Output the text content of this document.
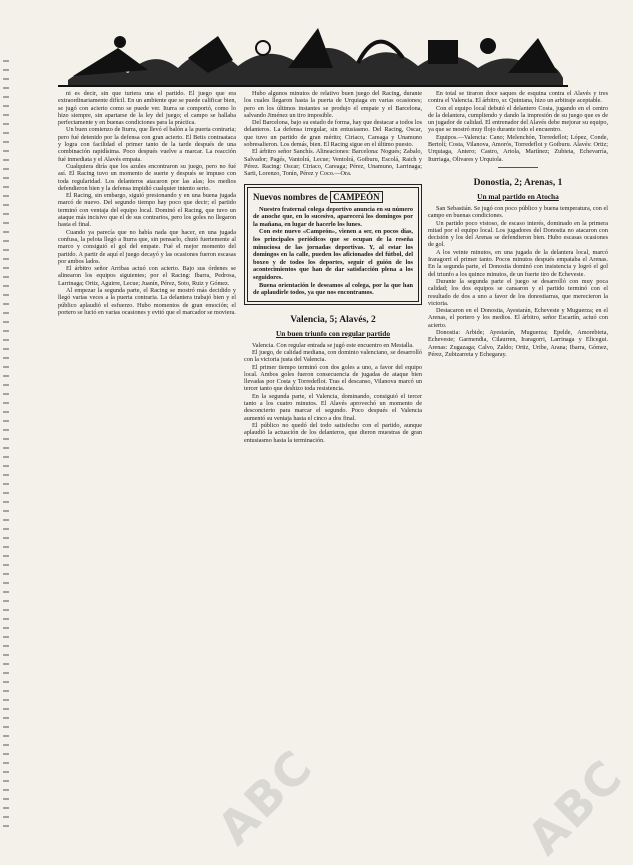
ni es decir, sin que turiera una el partido. El juego que era extraordinariamente difícil. En un ambiente que se puede calificar bien, se jugó con acierto como se puede ver. Iturra se comportó, como lo hizo siempre, sin apartarse de la ley del juego; el campo se hallaba perfectamente y en buenas condiciones para la práctica.

Un buen comienzo de Iturra, que llevó el balón a la puerta contraria; pero fué detenido por la defensa con gran acierto. El Betis contraataca y logra con facilidad el primer tanto de la tarde después de una combinación rapidísima. Poco después vuelve a marcar. La reacción fué inmediata y el Alavés empata.

Cualquiera diría que los azules encontraron su juego, pero no fué así. El Racing tuvo un momento de suerte y después se impuso con toda regularidad. Los delanteros atacaron por las alas; los medios defendieron bien y la defensa impidió cualquier intento serio.

El Racing, sin embargo, siguió presionando y en una buena jugada marcó de nuevo. Del segundo tiempo hay poco que decir; el partido terminó con ventaja del equipo local. Dominó el Racing, que tuvo un ataque más incisivo que el de sus contrarios, pero los goles no llegaron hasta el final.

Cuando ya parecía que no había nada que hacer, en una jugada confusa, la pelota llegó a Iturra que, sin pensarlo, chutó fuertemente al marco y consiguió el gol del empate. Fué el mejor momento del partido. A partir de aquí el juego decayó y las ocasiones fueron escasas por ambos lados.

El árbitro señor Arribas actuó con acierto. Bajo sus órdenes se alinearon los equipos siguientes; por el Racing: Ibarra, Pedrosa, Larrinaga; Ortiz, Aguirre, Lecue; Juanín, Pérez, Soto, Ruiz y Gómez.

Al empezar la segunda parte, el Racing se mostró más decidido y llegó varias veces a la puerta contraria. La delantera trabajó bien y el público aplaudió el esfuerzo. Hubo momentos de gran emoción; el portero se lució en varias ocasiones y evitó que el marcador se moviera.

Hubo algunos minutos de relativo buen juego del Racing, durante los cuales llegaron hasta la puerta de Urquiaga en varias ocasiones; pero en los últimos instantes se produjo el empate y el Barcelona, salvando Jiménez un tiro imposible.

Del Barcelona, bajo su estado de forma, hay que destacar a todos los delanteros. La defensa irregular, sin entusiasmo. Del Racing, Oscar, que tuvo un partido de gran mérito; Ciriaco, Careaga y Unamuno sobresalieron. Los demás, bien. El Racing sigue en el último puesto.

El árbitro señor Sanchís. Alineaciones: Barcelona: Nogués; Zabalo, Salvador; Pagés, Vantolrá, Lecue; Ventolrá, Goiburu, Escolá, Raich y Pérez. Racing: Oscar; Ciriaco, Careaga; Pérez, Unamuno, Larrinaga; Sarti, Lorenzo, Tonín, Pérez y Coco.—Ora.

Nuevos nombres de CAMPEÓN

Nuestro fraternal colega deportivo anuncia en su número de anoche que, en lo sucesivo, aparecerá los domingos por la mañana, en lugar de hacerlo los lunes.

Con este nuevo «Campeón», vienen a ser, en pocos días, los principales periódicos que se ocupan de la reseña minuciosa de las jornadas deportivas. Y, al estar los domingos en la calle, pueden los aficionados del fútbol, del boxeo y de todos los deportes, seguir el guión de los acontecimientos que han de dar satisfacción plena a los seguidores.

Buena orientación le deseamos al colega, por la que han de aplaudirle todos, ya que nos encontramos.

Valencia, 5; Alavés, 2
Un buen triunfo con regular partido

Valencia. Con regular entrada se jugó este encuentro en Mestalla.

El juego, de calidad mediana, con dominio valenciano, se desarrolló con la victoria justa del Valencia.

El primer tiempo terminó con dos goles a uno, a favor del equipo local. Ambos goles fueron consecuencia de jugadas de ataque bien llevadas por Costa y Torredeflot. Tras el descanso, Vilanova marcó un tercer tanto que deshizo toda resistencia.

En la segunda parte, el Valencia, dominando, consiguió el tercer tanto a los cuatro minutos. El Alavés aprovechó un momento de desconcierto para marcar el segundo. Poco después el Valencia aumentó su ventaja hasta el cinco a dos final.

El público no quedó del todo satisfecho con el partido, aunque aplaudió la actuación de los delanteros, que dieron muestras de gran entusiasmo hasta la terminación.

En total se tiraron doce saques de esquina contra el Alavés y tres contra el Valencia. El árbitro, sr. Quintana, hizo un arbitraje aceptable.

Con el equipo local debutó el delantero Costa, jugando en el centro de la delantera, cumpliendo y dando la impresión de su juego que es de un jugador de calidad. El entrenador del Alavés debe mejorar su equipo, ya que se mostró muy flojo durante todo el encuentro.

Equipos.—Valencia: Cano; Melenchón, Torredeflot; López, Conde, Bertolí; Costa, Vilanova, Amorós, Torredeflot y Goiburu. Alavés: Ortiz; Urquiaga, Antero; Castro, Artola, Martínez; Zubieta, Echevarría, Iturriaga, Olivares y Urquiola.

Donostia, 2; Arenas, 1
Un mal partido en Atocha

San Sebastián. Se jugó con poco público y buena temperatura, con el campo en buenas condiciones.

Un partido poco vistoso, de escaso interés, dominado en la primera mitad por el equipo local. Los jugadores del Donostia no atacaron con decisión y los del Arenas se defendieron bien. Hubo escasas ocasiones de gol.

A los veinte minutos, en una jugada de la delantera local, marcó Iraragorri el primer tanto. Pocos minutos después empataba el Arenas. En la segunda parte, el Donostia dominó con insistencia y logró el gol del triunfo a los quince minutos, de un fuerte tiro de Echeveste.

Durante la segunda parte el juego se desarrolló con muy poca calidad; los dos equipos se cansaron y el partido terminó con el resultado de dos a uno a favor de los donostiarras, que merecieron la victoria.

Destacaron en el Donostia, Ayestarán, Echeveste y Muguerza; en el Arenas, el portero y los medios. El árbitro, señor Escartín, actuó con acierto.

Donostia: Arbide; Ayestarán, Muguerza; Epelde, Amorebieta, Echeveste; Garmendia, Cilaurren, Iraragorri, Larrinaga y Elicegui. Arenas: Zugazaga; Calvo, Zaldo; Ortiz, Uribe, Arana; Ibarra, Gómez, Pérez, Zubizarreta y Echegaray.

ABC	ABC
